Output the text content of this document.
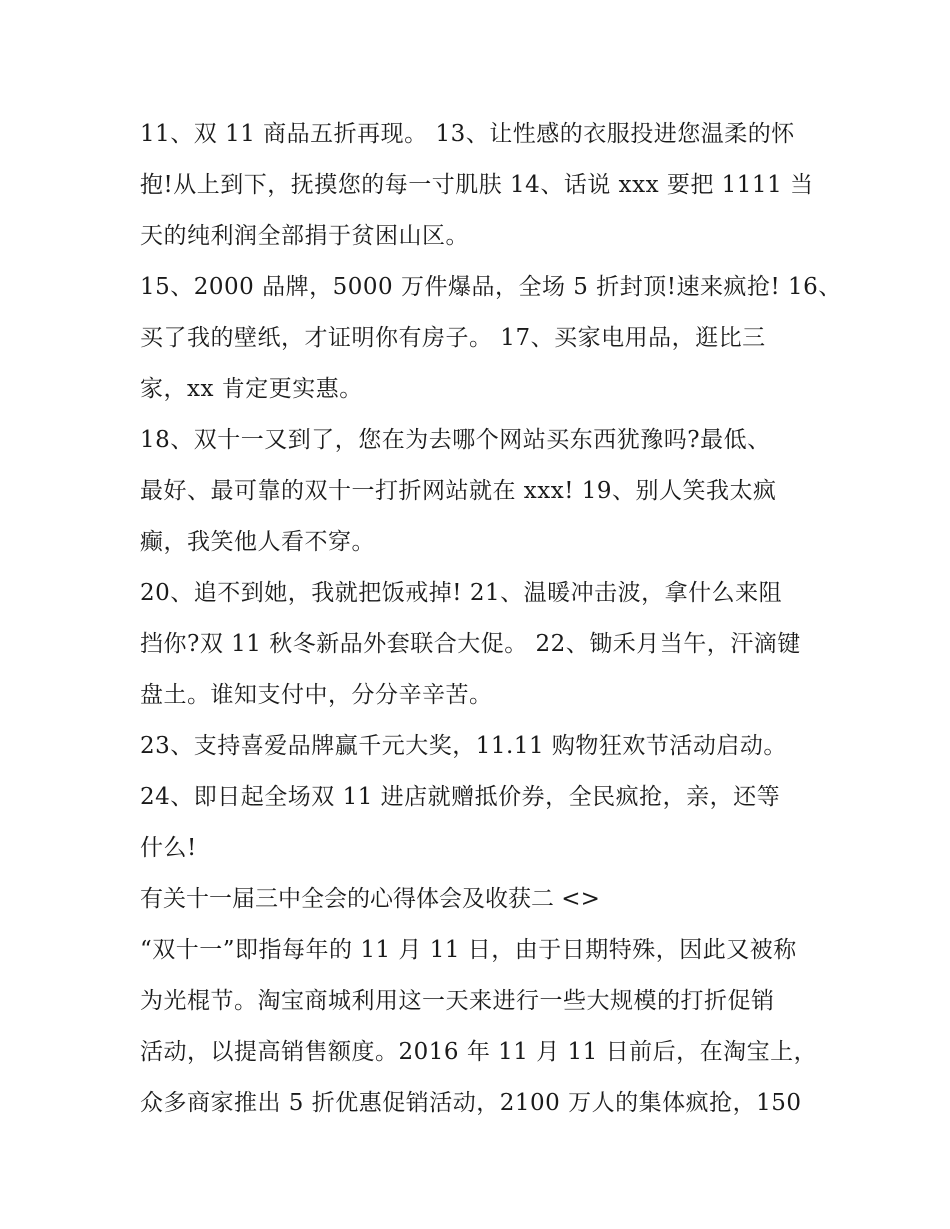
11、双 11 商品五折再现。 13、让性感的衣服投进您温柔的怀
抱!从上到下，抚摸您的每一寸肌肤 14、话说 xxx 要把 1111 当
天的纯利润全部捐于贫困山区。
15、2000 品牌，5000 万件爆品，全场 5 折封顶!速来疯抢! 16、
买了我的壁纸，才证明你有房子。 17、买家电用品，逛比三
家，xx 肯定更实惠。
18、双十一又到了，您在为去哪个网站买东西犹豫吗?最低、
最好、最可靠的双十一打折网站就在 xxx! 19、别人笑我太疯
癫，我笑他人看不穿。
20、追不到她，我就把饭戒掉! 21、温暖冲击波，拿什么来阻
挡你?双 11 秋冬新品外套联合大促。 22、锄禾月当午，汗滴键
盘土。谁知支付中，分分辛辛苦。
23、支持喜爱品牌赢千元大奖，11.11 购物狂欢节活动启动。
24、即日起全场双 11 进店就赠抵价券，全民疯抢，亲，还等
什么!
有关十一届三中全会的心得体会及收获二 <>
“双十一”即指每年的 11 月 11 日，由于日期特殊，因此又被称
为光棍节。淘宝商城利用这一天来进行一些大规模的打折促销
活动，以提高销售额度。2016 年 11 月 11 日前后，在淘宝上，
众多商家推出 5 折优惠促销活动，2100 万人的集体疯抢，150
